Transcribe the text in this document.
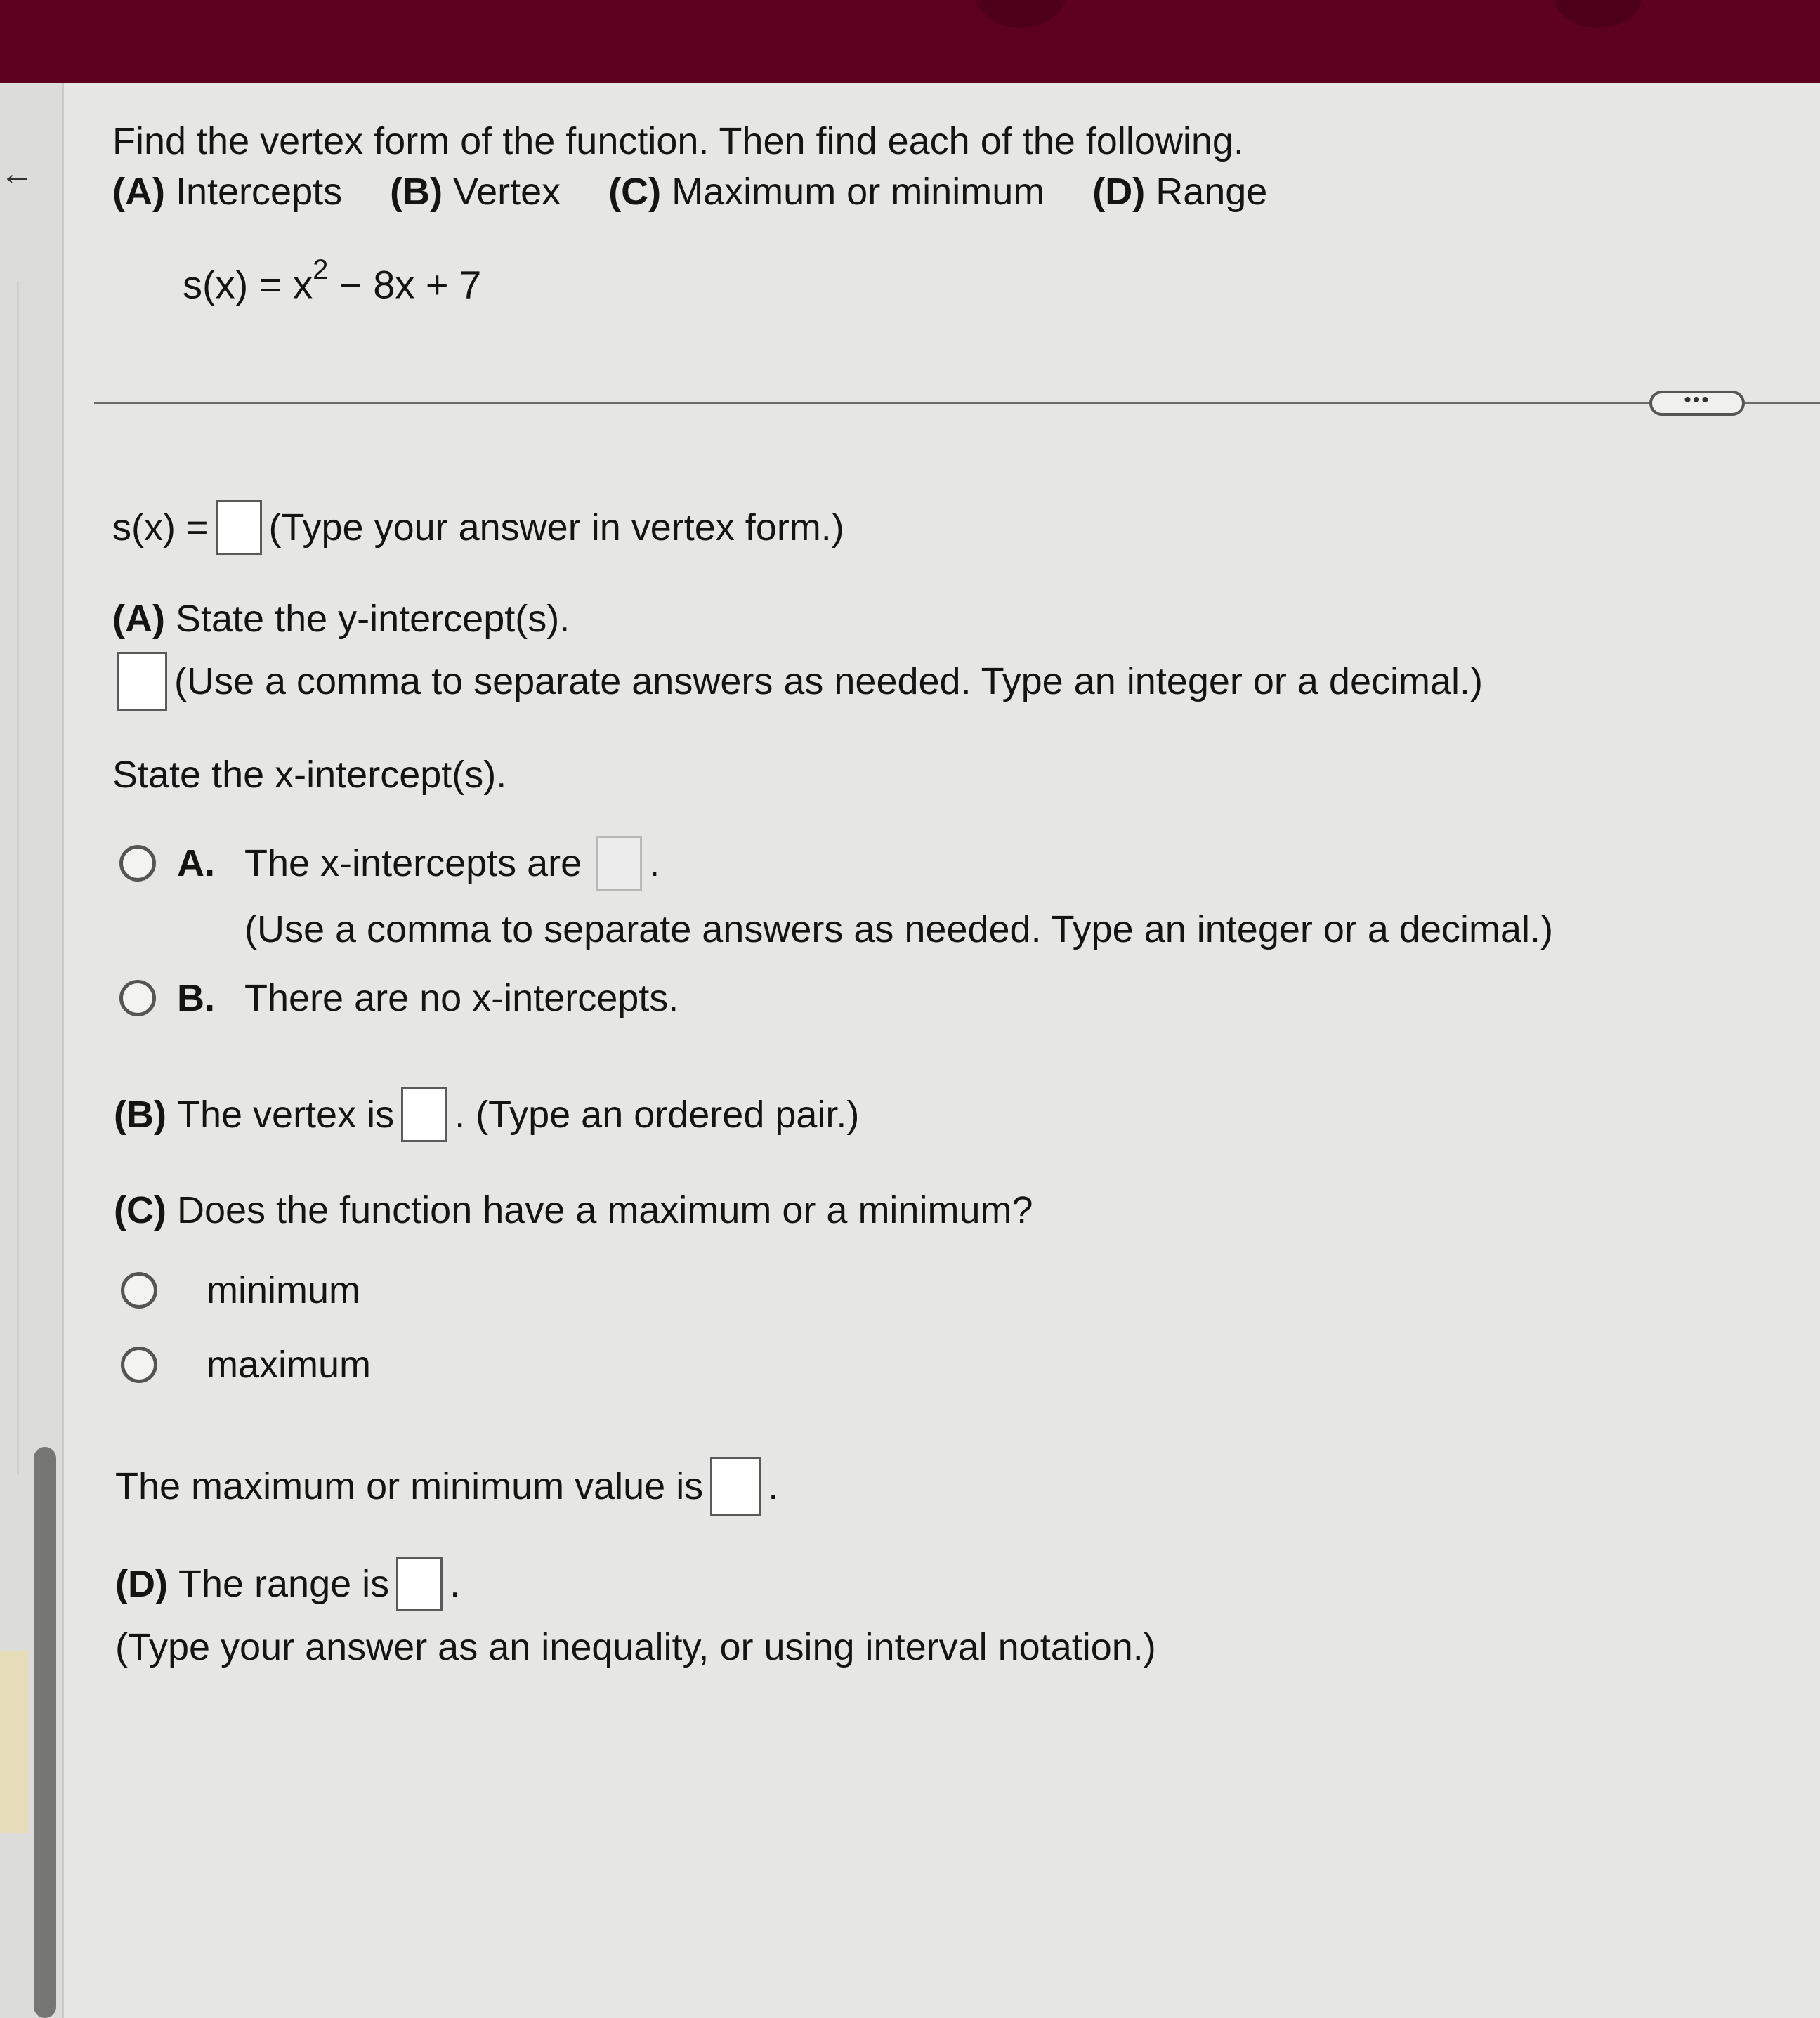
←
Find the vertex form of the function. Then find each of the following.
(A) Intercepts (B) Vertex (C) Maximum or minimum (D) Range
$s(x) = x^2 - 8x + 7$
•••
s(x) = (Type your answer in vertex form.)
(A)
State the y-intercept(s).
(Use a comma to separate answers as needed. Type an integer or a decimal.)
State the x-intercept(s).
A. The x-intercepts are .
(Use a comma to separate answers as needed. Type an integer or a decimal.)
B. There are no x-intercepts.
(B)
The vertex is . (Type an ordered pair.)
(C)
Does the function have a maximum or a minimum?
minimum
maximum
The maximum or minimum value is .
(D)
The range is .
(Type your answer as an inequality, or using interval notation.)
